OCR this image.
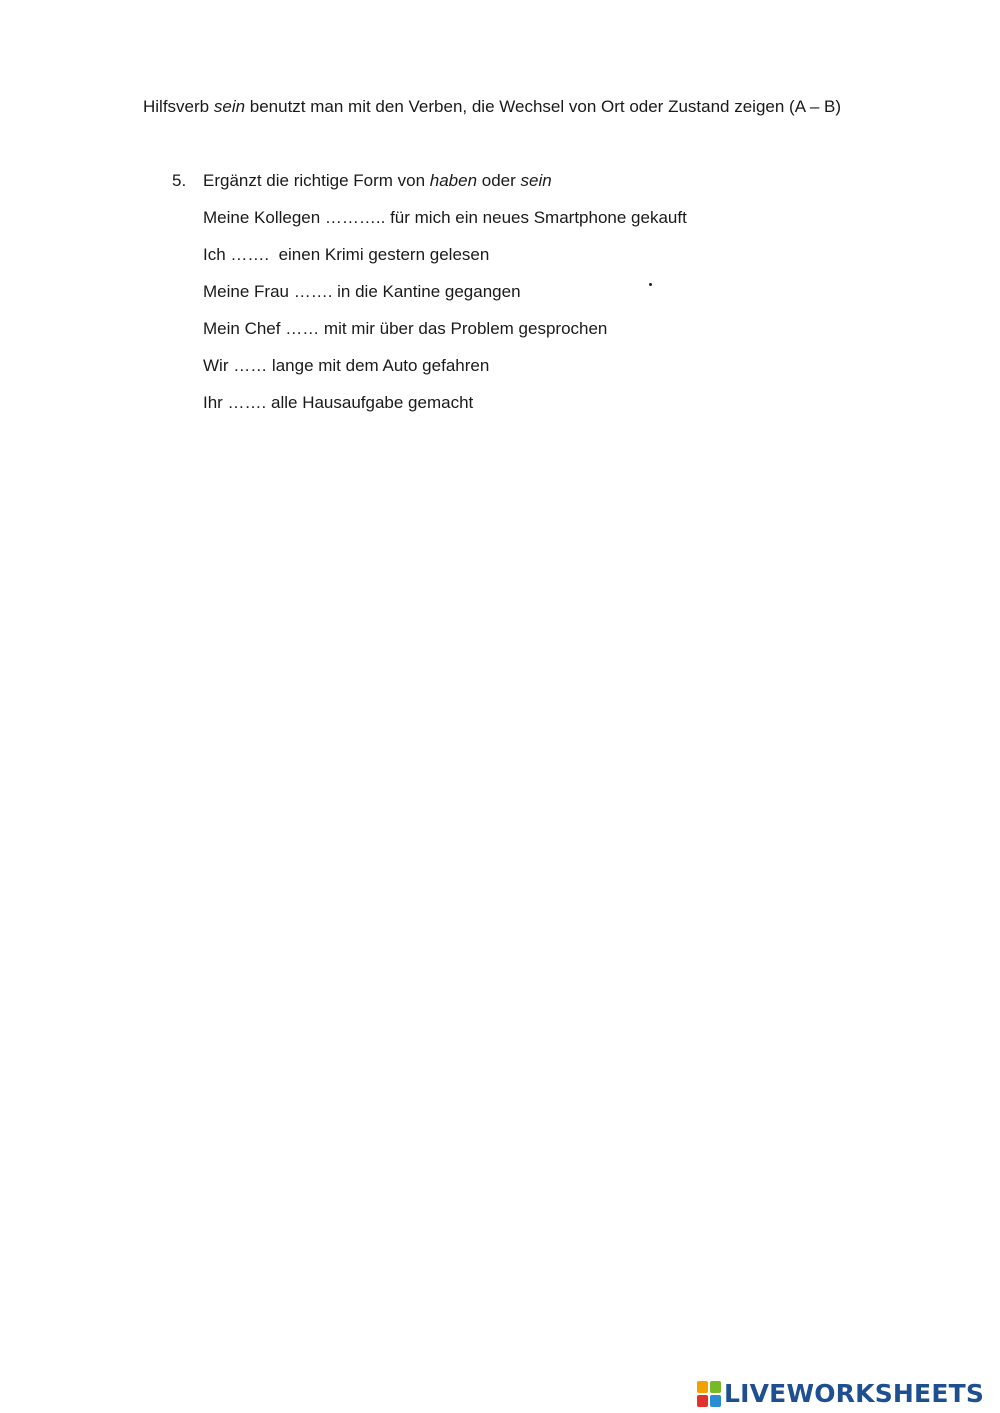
Hilfsverb sein benutzt man mit den Verben, die Wechsel von Ort oder Zustand zeigen (A – B)
5. Ergänzt die richtige Form von haben oder sein
Meine Kollegen ……….. für mich ein neues Smartphone gekauft
Ich …….  einen Krimi gestern gelesen
Meine Frau ……. in die Kantine gegangen
Mein Chef …… mit mir über das Problem gesprochen
Wir …… lange mit dem Auto gefahren
Ihr ……. alle Hausaufgabe gemacht
LIVEWORKSHEETS
